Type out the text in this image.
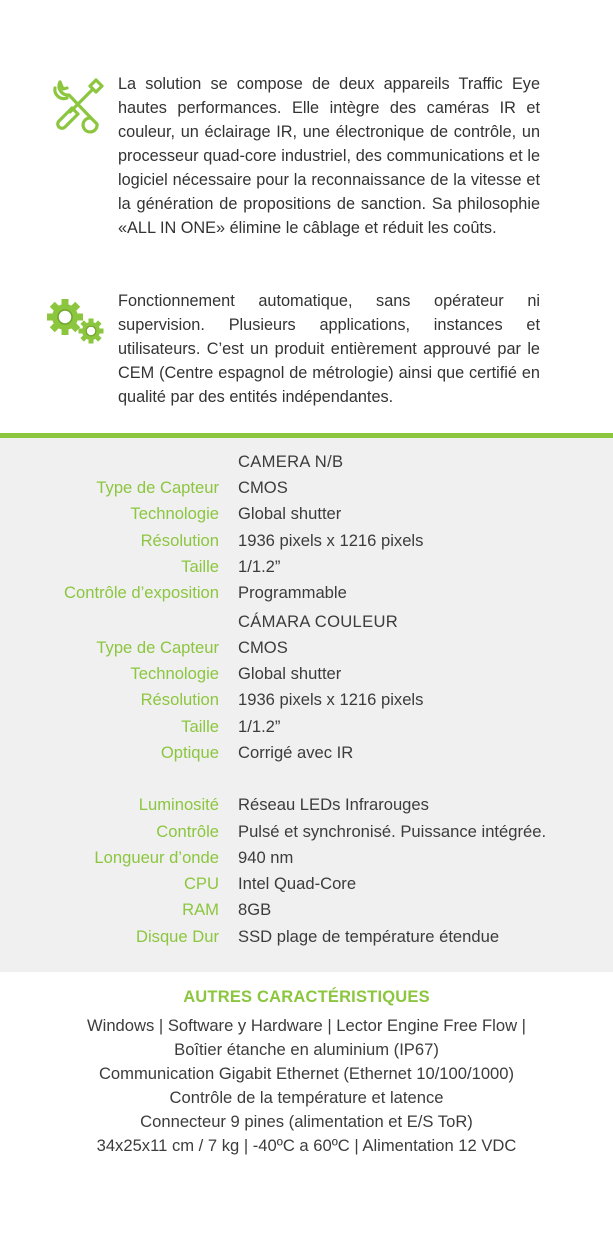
La solution se compose de deux appareils Traffic Eye hautes performances. Elle intègre des caméras IR et couleur, un éclairage IR, une électronique de contrôle, un processeur quad-core industriel, des communications et le logiciel nécessaire pour la reconnaissance de la vitesse et la génération de propositions de sanction. Sa philosophie «ALL IN ONE» élimine le câblage et réduit les coûts.
Fonctionnement automatique, sans opérateur ni supervision. Plusieurs applications, instances et utilisateurs. C’est un produit entièrement approuvé par le CEM (Centre espagnol de métrologie) ainsi que certifié en qualité par des entités indépendantes.
CAMERA N/B
Type de Capteur CMOS
Technologie Global shutter
Résolution 1936 pixels x 1216 pixels
Taille 1/1.2”
Contrôle d’exposition Programmable
CÁMARA COULEUR
Type de Capteur CMOS
Technologie Global shutter
Résolution 1936 pixels x 1216 pixels
Taille 1/1.2”
Optique Corrigé avec IR
Luminosité Réseau LEDs Infrarouges
Contrôle Pulsé et synchronisé. Puissance intégrée.
Longueur d’onde 940 nm
CPU Intel Quad-Core
RAM 8GB
Disque Dur SSD plage de température étendue
AUTRES CARACTÉRISTIQUES
Windows | Software y Hardware | Lector Engine Free Flow |
Boîtier étanche en aluminium (IP67)
Communication Gigabit Ethernet (Ethernet 10/100/1000)
Contrôle de la température et latence
Connecteur 9 pines (alimentation et E/S ToR)
34x25x11 cm / 7 kg | -40ºC a 60ºC | Alimentation 12 VDC
